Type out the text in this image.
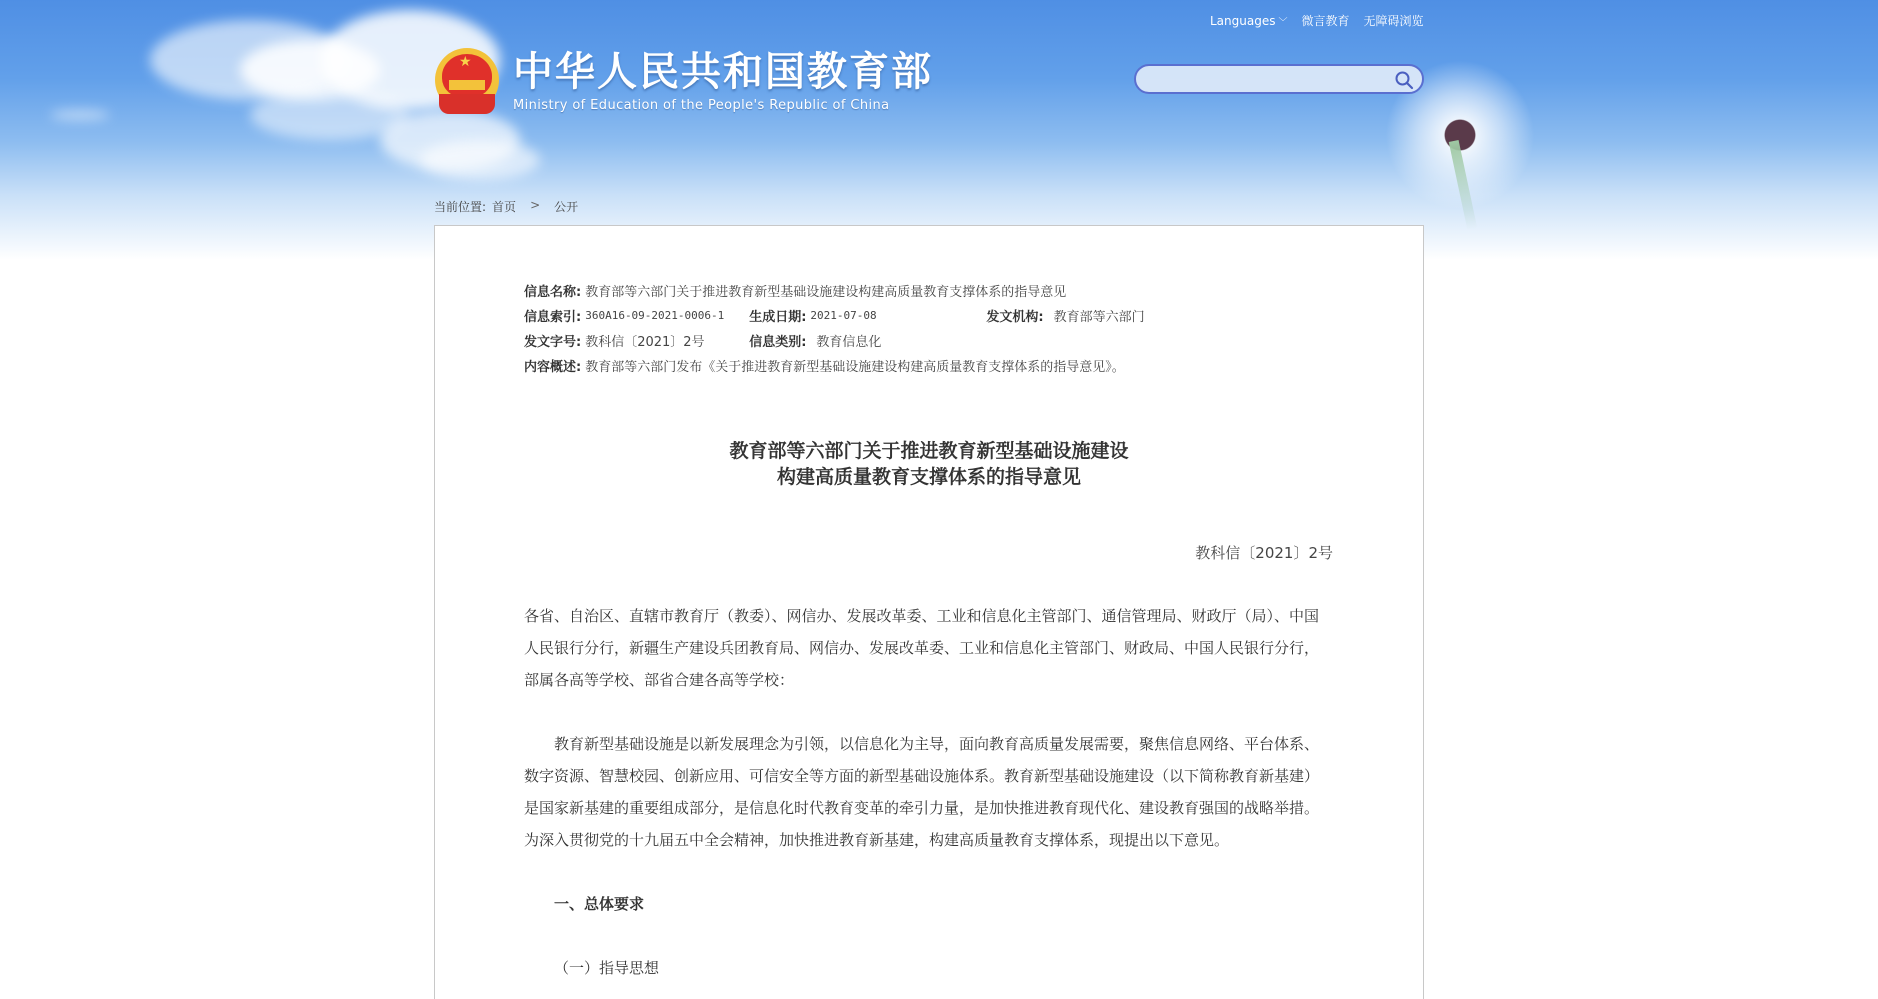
Languages ﹀ 微言教育 无障碍浏览
★ 中华人民共和国教育部
Ministry of Education of the People's Republic of China
当前位置: 首页 > 公开
信息名称: 教育部等六部门关于推进教育新型基础设施建设构建高质量教育支撑体系的指导意见
信息索引: 360A16-09-2021-0006-1	生成日期: 2021-07-08	发文机构: 教育部等六部门
发文字号: 教科信〔2021〕2号	信息类别: 教育信息化
内容概述: 教育部等六部门发布《关于推进教育新型基础设施建设构建高质量教育支撑体系的指导意见》。
教育部等六部门关于推进教育新型基础设施建设
构建高质量教育支撑体系的指导意见
教科信〔2021〕2号

各省、自治区、直辖市教育厅（教委）、网信办、发展改革委、工业和信息化主管部门、通信管理局、财政厅（局）、中国人民银行分行，新疆生产建设兵团教育局、网信办、发展改革委、工业和信息化主管部门、财政局、中国人民银行分行，部属各高等学校、部省合建各高等学校：

教育新型基础设施是以新发展理念为引领，以信息化为主导，面向教育高质量发展需要，聚焦信息网络、平台体系、数字资源、智慧校园、创新应用、可信安全等方面的新型基础设施体系。教育新型基础设施建设（以下简称教育新基建）是国家新基建的重要组成部分，是信息化时代教育变革的牵引力量，是加快推进教育现代化、建设教育强国的战略举措。为深入贯彻党的十九届五中全会精神，加快推进教育新基建，构建高质量教育支撑体系，现提出以下意见。

一、总体要求

（一）指导思想
